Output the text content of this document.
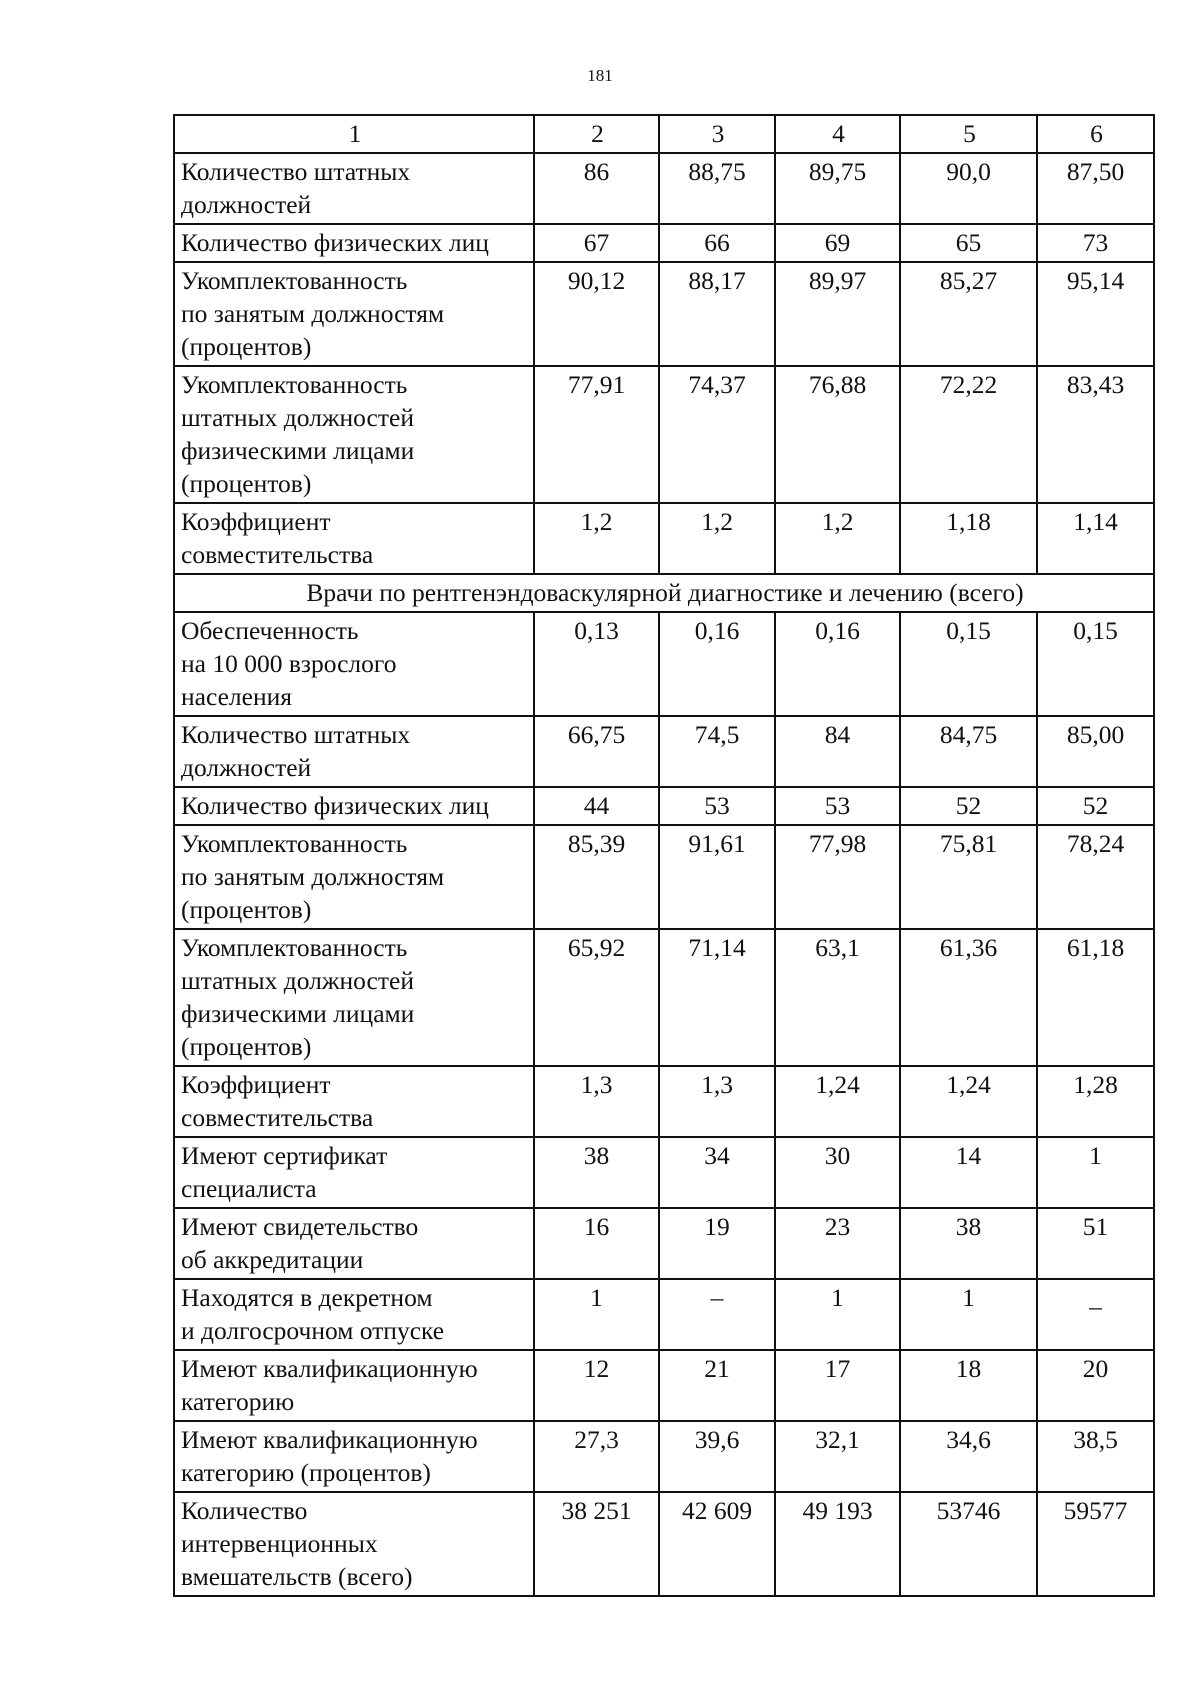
181
1	2	3	4	5	6

Количество штатных
должностей	86	88,75	89,75	90,0	87,50

Количество физических лиц	67	66	69	65	73

Укомплектованность
по занятым должностям
(процентов)	90,12	88,17	89,97	85,27	95,14

Укомплектованность
штатных должностей
физическими лицами
(процентов)	77,91	74,37	76,88	72,22	83,43

Коэффициент
совместительства	1,2	1,2	1,2	1,18	1,14
Врачи по рентгенэндоваскулярной диагностике и лечению (всего)					

Обеспеченность
на 10 000 взрослого
населения	0,13	0,16	0,16	0,15	0,15

Количество штатных
должностей	66,75	74,5	84	84,75	85,00

Количество физических лиц	44	53	53	52	52

Укомплектованность
по занятым должностям
(процентов)	85,39	91,61	77,98	75,81	78,24

Укомплектованность
штатных должностей
физическими лицами
(процентов)	65,92	71,14	63,1	61,36	61,18

Коэффициент
совместительства	1,3	1,3	1,24	1,24	1,28

Имеют сертификат
специалиста	38	34	30	14	1

Имеют свидетельство
об аккредитации	16	19	23	38	51

Находятся в декретном
и долгосрочном отпуске	1	–	1	1	_

Имеют квалификационную
категорию	12	21	17	18	20

Имеют квалификационную
категорию (процентов)	27,3	39,6	32,1	34,6	38,5

Количество
интервенционных
вмешательств (всего)	38 251	42 609	49 193	53746	59577
